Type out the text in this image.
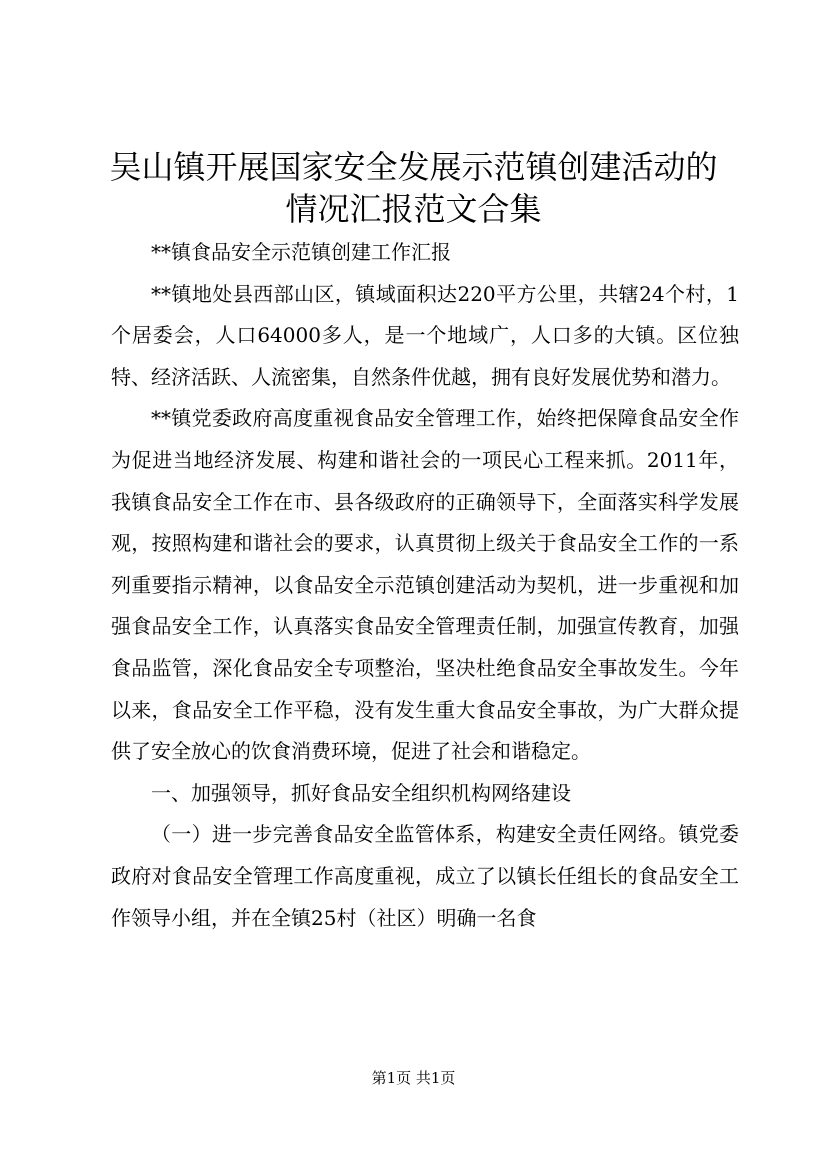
吴山镇开展国家安全发展示范镇创建活动的情况汇报范文合集

**镇食品安全示范镇创建工作汇报

**镇地处县西部山区，镇域面积达220平方公里，共辖24个村，1个居委会，人口64000多人，是一个地域广，人口多的大镇。区位独特、经济活跃、人流密集，自然条件优越，拥有良好发展优势和潜力。

**镇党委政府高度重视食品安全管理工作，始终把保障食品安全作为促进当地经济发展、构建和谐社会的一项民心工程来抓。2011年，我镇食品安全工作在市、县各级政府的正确领导下，全面落实科学发展观，按照构建和谐社会的要求，认真贯彻上级关于食品安全工作的一系列重要指示精神，以食品安全示范镇创建活动为契机，进一步重视和加强食品安全工作，认真落实食品安全管理责任制，加强宣传教育，加强食品监管，深化食品安全专项整治，坚决杜绝食品安全事故发生。今年以来，食品安全工作平稳，没有发生重大食品安全事故，为广大群众提供了安全放心的饮食消费环境，促进了社会和谐稳定。

一、加强领导，抓好食品安全组织机构网络建设

（一）进一步完善食品安全监管体系，构建安全责任网络。镇党委政府对食品安全管理工作高度重视，成立了以镇长任组长的食品安全工作领导小组，并在全镇25村（社区）明确一名食

第1页 共1页
